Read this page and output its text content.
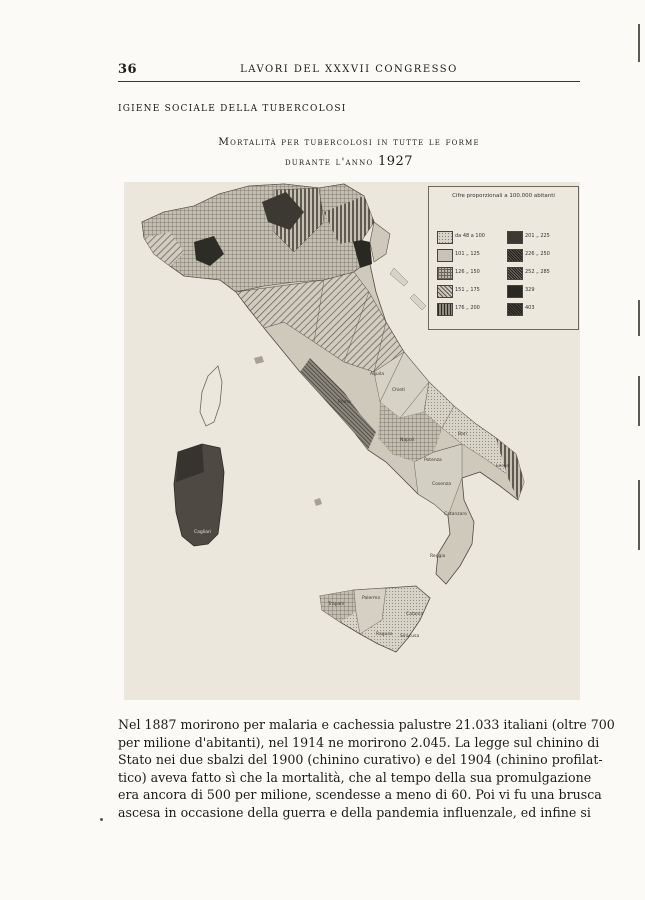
36	LAVORI DEL XXXVII CONGRESSO
IGIENE SOCIALE DELLA TUBERCOLOSI
Mortalità per tubercolosi in tutte le forme
durante l'anno 1927
Roma
Aquila
Chieti
Napoli
Potenza
Bari
Lecce
Cosenza
Catanzaro
Reggio
Palermo
Trapani
Catania
Siracusa
Ragusa
Cagliari
Cifre proporzionali a 100.000 abitanti
da 48 a 100
101 „ 125
126 „ 150
151 „ 175
176 „ 200
201 „ 225
226 „ 250
252 „ 285
329
403
Nel 1887 morirono per malaria e cachessia palustre 21.033 italiani (oltre 700
per milione d'abitanti), nel 1914 ne morirono 2.045. La legge sul chinino di
Stato nei due sbalzi del 1900 (chinino curativo) e del 1904 (chinino profilat-
tico) aveva fatto sì che la mortalità, che al tempo della sua promulgazione
era ancora di 500 per milione, scendesse a meno di 60. Poi vi fu una brusca
ascesa in occasione della guerra e della pandemia influenzale, ed infine si
